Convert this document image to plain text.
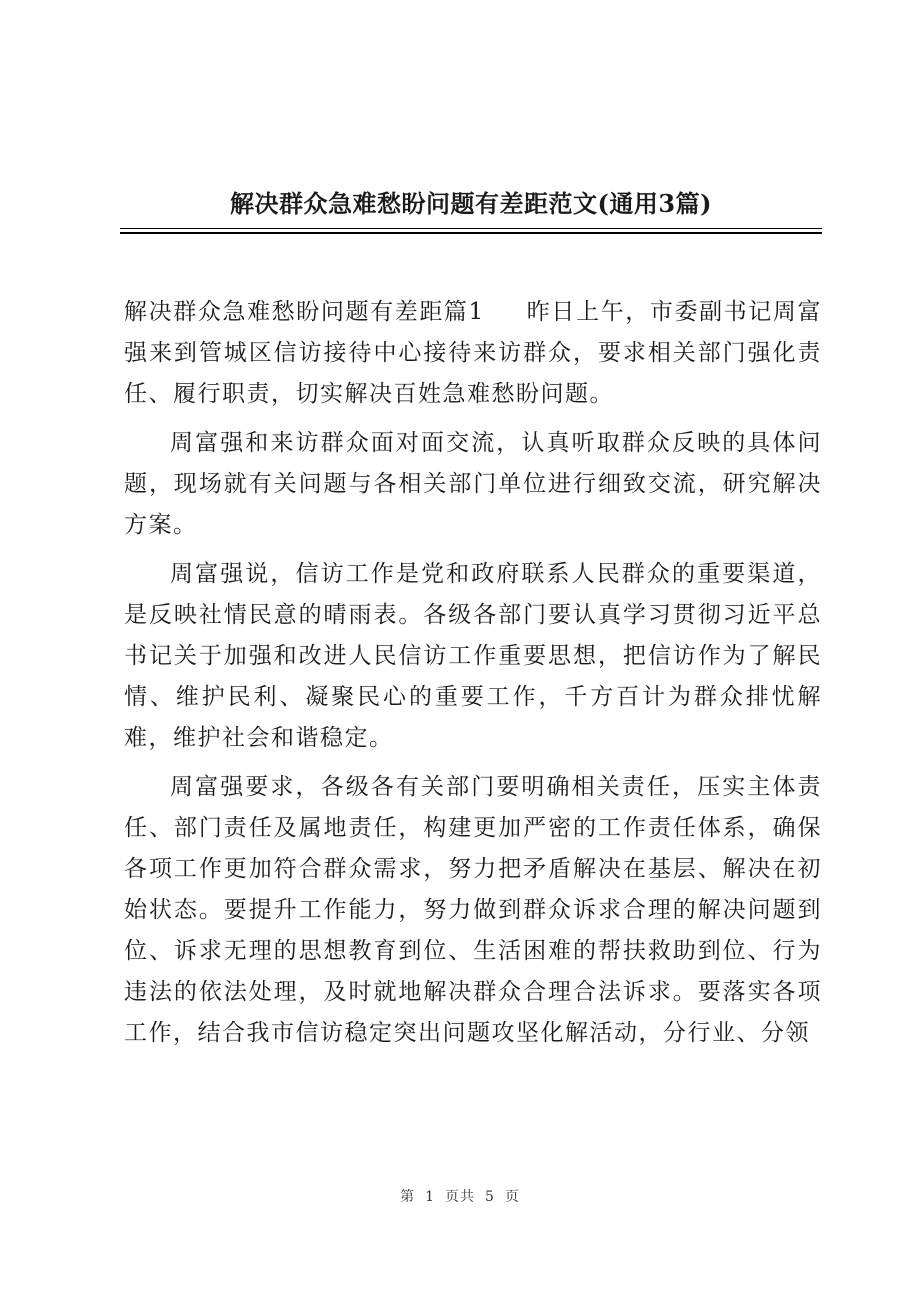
解决群众急难愁盼问题有差距范文(通用3篇)

解决群众急难愁盼问题有差距篇1 昨日上午，市委副书记周富强来到管城区信访接待中心接待来访群众，要求相关部门强化责任、履行职责，切实解决百姓急难愁盼问题。

周富强和来访群众面对面交流，认真听取群众反映的具体问题，现场就有关问题与各相关部门单位进行细致交流，研究解决方案。

周富强说，信访工作是党和政府联系人民群众的重要渠道，是反映社情民意的晴雨表。各级各部门要认真学习贯彻习近平总书记关于加强和改进人民信访工作重要思想，把信访作为了解民情、维护民利、凝聚民心的重要工作，千方百计为群众排忧解难，维护社会和谐稳定。

周富强要求，各级各有关部门要明确相关责任，压实主体责任、部门责任及属地责任，构建更加严密的工作责任体系，确保各项工作更加符合群众需求，努力把矛盾解决在基层、解决在初始状态。要提升工作能力，努力做到群众诉求合理的解决问题到位、诉求无理的思想教育到位、生活困难的帮扶救助到位、行为违法的依法处理，及时就地解决群众合理合法诉求。要落实各项工作，结合我市信访稳定突出问题攻坚化解活动，分行业、分领

第 1 页共 5 页
